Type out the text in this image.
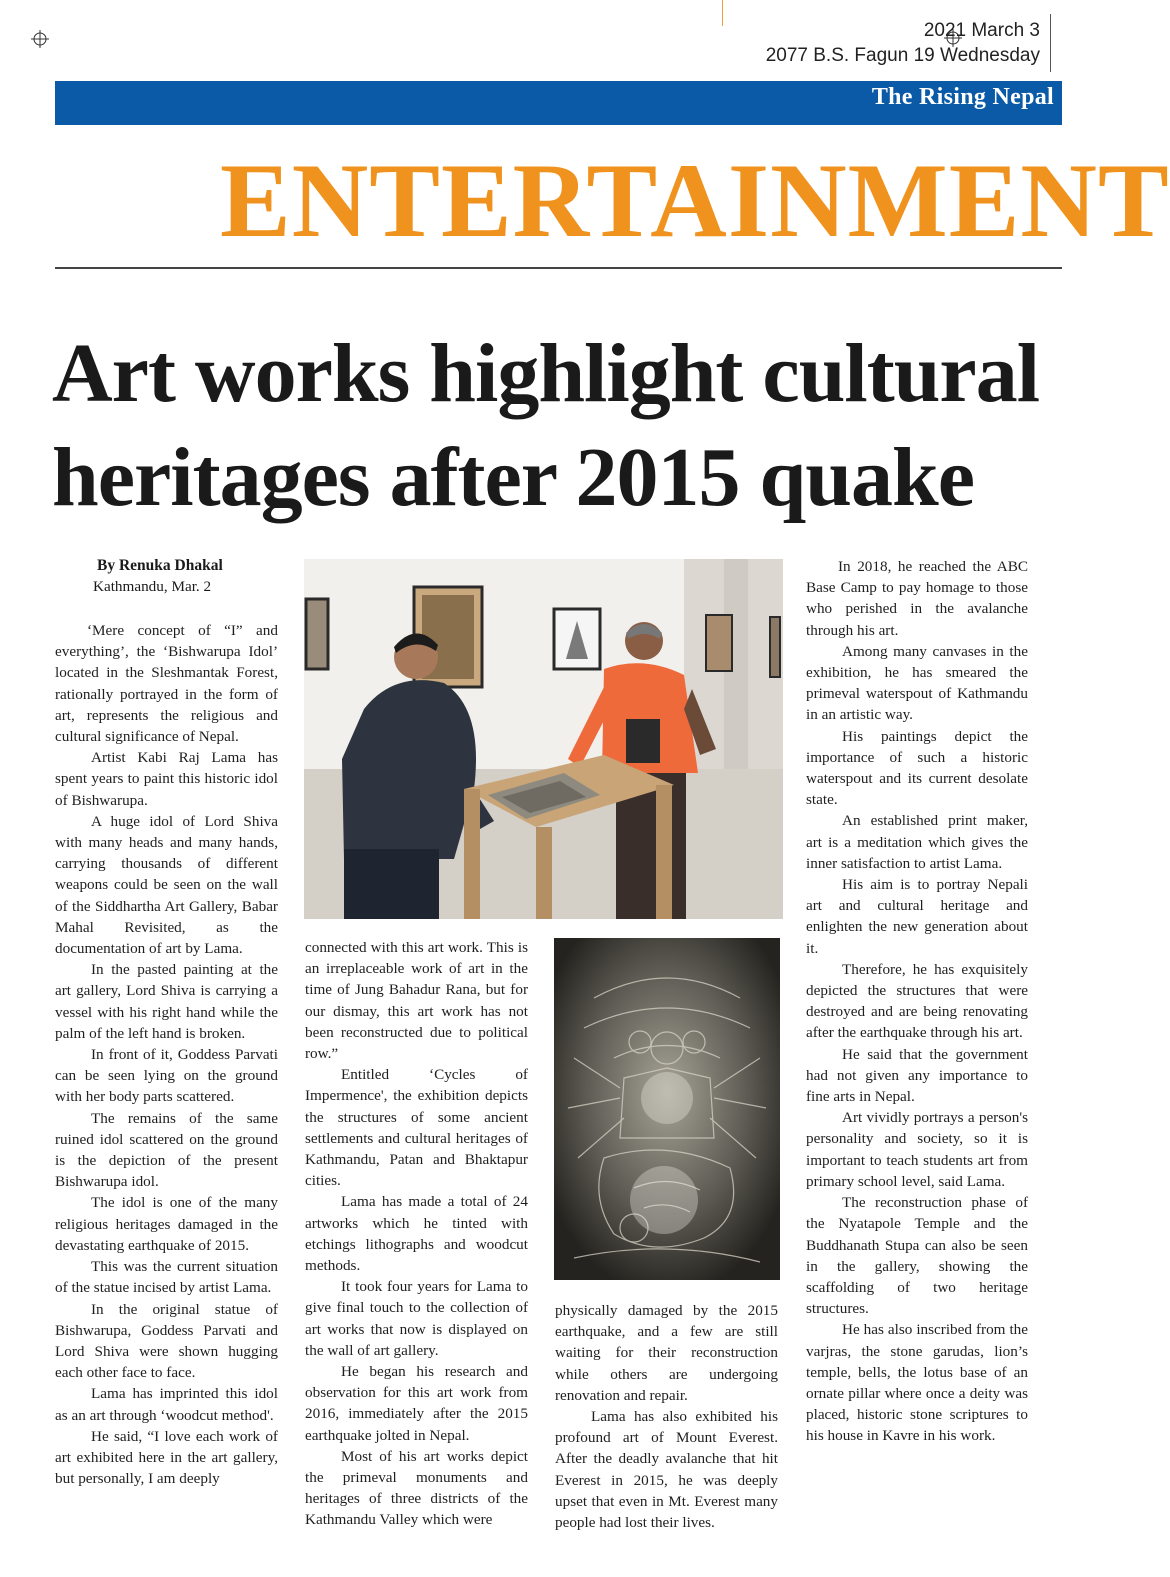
2021 March 3
2077 B.S. Fagun 19 Wednesday
The Rising Nepal
ENTERTAINMENT
Art works highlight cultural
heritages after 2015 quake
By Renuka Dhakal
Kathmandu, Mar. 2

‘Mere concept of “I” and everything’, the ‘Bishwarupa Idol’ located in the Sleshmantak Forest, rationally portrayed in the form of art, represents the religious and cultural significance of Nepal.

Artist Kabi Raj Lama has spent years to paint this historic idol of Bishwarupa.

A huge idol of Lord Shiva with many heads and many hands, carrying thousands of different weapons could be seen on the wall of the Siddhartha Art Gallery, Babar Mahal Revisited, as the documentation of art by Lama.

In the pasted painting at the art gallery, Lord Shiva is carrying a vessel with his right hand while the palm of the left hand is broken.

In front of it, Goddess Parvati can be seen lying on the ground with her body parts scattered.

The remains of the same ruined idol scattered on the ground is the depiction of the present Bishwarupa idol.

The idol is one of the many religious heritages damaged in the devastating earthquake of 2015.

This was the current situation of the statue incised by artist Lama.

In the original statue of Bishwarupa, Goddess Parvati and Lord Shiva were shown hugging each other face to face.

Lama has imprinted this idol as an art through ‘woodcut method'.

He said, “I love each work of art exhibited here in the art gallery, but personally, I am deeply

connected with this art work. This is an irreplaceable work of art in the time of Jung Bahadur Rana, but for our dismay, this art work has not been reconstructed due to political row.”

Entitled ‘Cycles of Impermence', the exhibition depicts the structures of some ancient settlements and cultural heritages of Kathmandu, Patan and Bhaktapur cities.

Lama has made a total of 24 artworks which he tinted with etchings lithographs and woodcut methods.

It took four years for Lama to give final touch to the collection of art works that now is displayed on the wall of art gallery.

He began his research and observation for this art work from 2016, immediately after the 2015 earthquake jolted in Nepal.

Most of his art works depict the primeval monuments and heritages of three districts of the Kathmandu Valley which were

physically damaged by the 2015 earthquake, and a few are still waiting for their reconstruction while others are undergoing renovation and repair.

Lama has also exhibited his profound art of Mount Everest. After the deadly avalanche that hit Everest in 2015, he was deeply upset that even in Mt. Everest many people had lost their lives.

In 2018, he reached the ABC Base Camp to pay homage to those who perished in the avalanche through his art.

Among many canvases in the exhibition, he has smeared the primeval waterspout of Kathmandu in an artistic way.

His paintings depict the importance of such a historic waterspout and its current desolate state.

An established print maker, art is a meditation which gives the inner satisfaction to artist Lama.

His aim is to portray Nepali art and cultural heritage and enlighten the new generation about it.

Therefore, he has exquisitely depicted the structures that were destroyed and are being renovating after the earthquake through his art.

He said that the government had not given any importance to fine arts in Nepal.

Art vividly portrays a person's personality and society, so it is important to teach students art from primary school level, said Lama.

The reconstruction phase of the Nyatapole Temple and the Buddhanath Stupa can also be seen in the gallery, showing the scaffolding of two heritage structures.

He has also inscribed from the varjras, the stone garudas, lion’s temple, bells, the lotus base of an ornate pillar where once a deity was placed, historic stone scriptures to his house in Kavre in his work.
